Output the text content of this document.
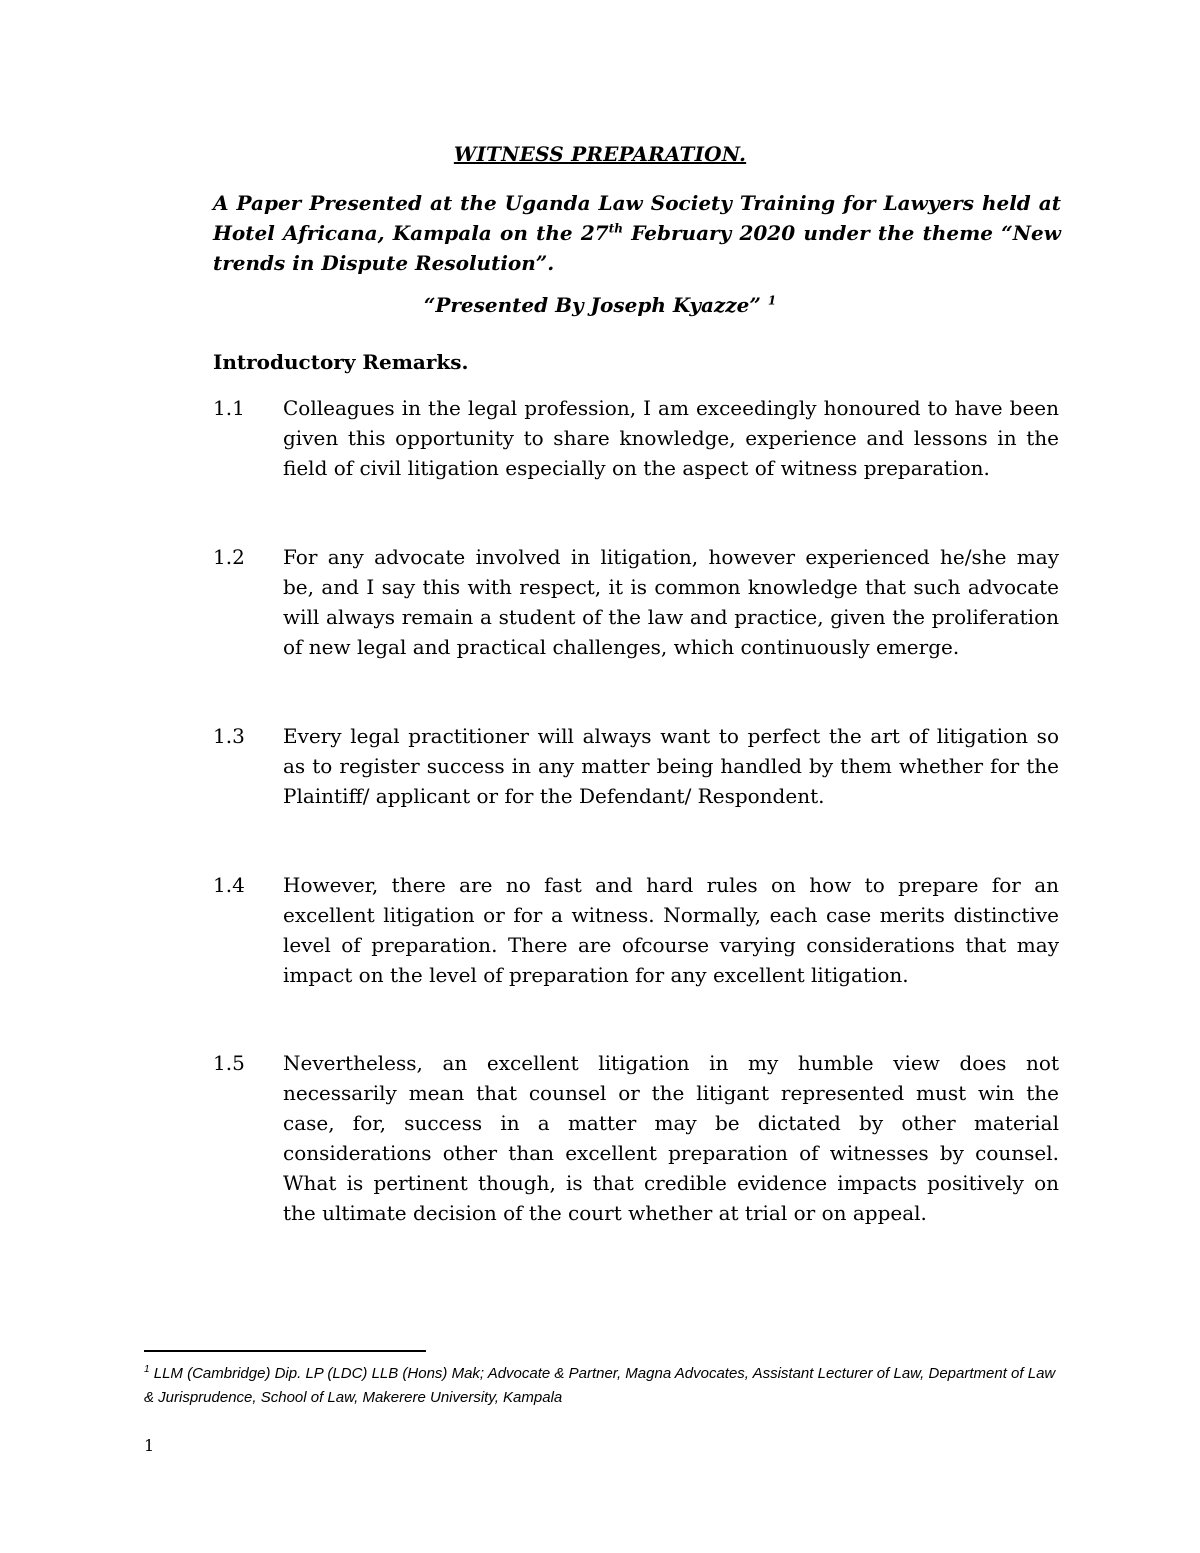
WITNESS PREPARATION.
A Paper Presented at the Uganda Law Society Training for Lawyers held at Hotel Africana, Kampala on the 27th February 2020 under the theme “New trends in Dispute Resolution”.
“Presented By Joseph Kyazze” $^1$
Introductory Remarks.
1.1	Colleagues in the legal profession, I am exceedingly honoured to have been given this opportunity to share knowledge, experience and lessons in the field of civil litigation especially on the aspect of witness preparation.
1.2	For any advocate involved in litigation, however experienced he/she may be, and I say this with respect, it is common knowledge that such advocate will always remain a student of the law and practice, given the proliferation of new legal and practical challenges, which continuously emerge.
1.3	Every legal practitioner will always want to perfect the art of litigation so as to register success in any matter being handled by them whether for the Plaintiff/ applicant or for the Defendant/ Respondent.
1.4	However, there are no fast and hard rules on how to prepare for an excellent litigation or for a witness. Normally, each case merits distinctive level of preparation. There are ofcourse varying considerations that may impact on the level of preparation for any excellent litigation.
1.5	Nevertheless, an excellent litigation in my humble view does not necessarily mean that counsel or the litigant represented must win the case, for, success in a matter may be dictated by other material considerations other than excellent preparation of witnesses by counsel. What is pertinent though, is that credible evidence impacts positively on the ultimate decision of the court whether at trial or on appeal.
$^1$ LLM (Cambridge) Dip. LP (LDC) LLB (Hons) Mak; Advocate & Partner, Magna Advocates, Assistant Lecturer of Law, Department of Law & Jurisprudence, School of Law, Makerere University, Kampala
1
